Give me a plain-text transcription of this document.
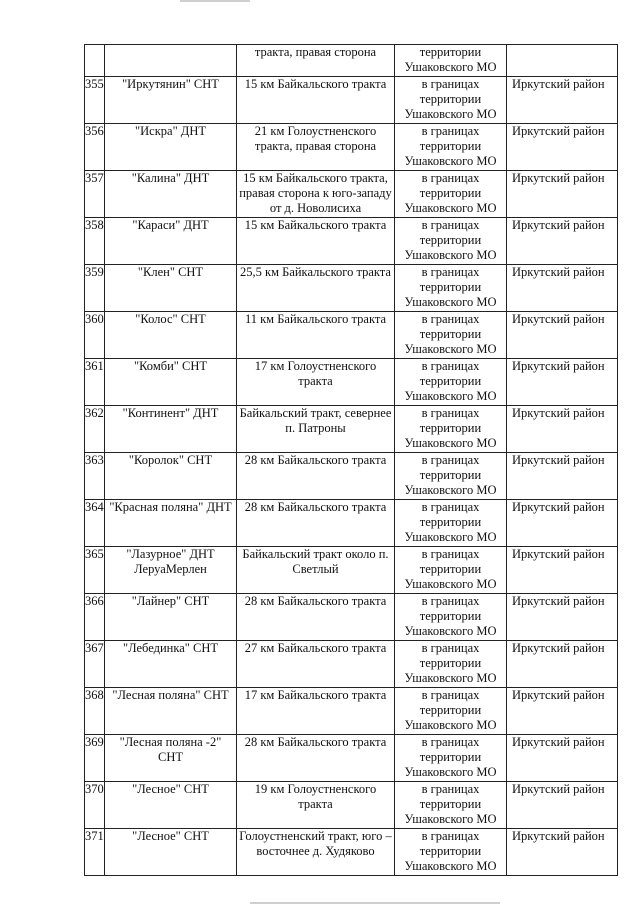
		тракта, правая сторона	территории Ушаковского МО	
355	"Иркутянин" СНТ	15 км Байкальского тракта	в границах территории Ушаковского МО	Иркутский район
356	"Искра" ДНТ	21 км Голоустненского тракта, правая сторона	в границах территории Ушаковского МО	Иркутский район
357	"Калина" ДНТ	15 км Байкальского тракта, правая сторона к юго-западу от д. Новолисиха	в границах территории Ушаковского МО	Иркутский район
358	"Караси" ДНТ	15 км Байкальского тракта	в границах территории Ушаковского МО	Иркутский район
359	"Клен" СНТ	25,5 км Байкальского тракта	в границах территории Ушаковского МО	Иркутский район
360	"Колос" СНТ	11 км Байкальского тракта	в границах территории Ушаковского МО	Иркутский район
361	"Комби" СНТ	17 км Голоустненского тракта	в границах территории Ушаковского МО	Иркутский район
362	"Континент" ДНТ	Байкальский тракт, севернее п. Патроны	в границах территории Ушаковского МО	Иркутский район
363	"Королок" СНТ	28 км Байкальского тракта	в границах территории Ушаковского МО	Иркутский район
364	"Красная поляна" ДНТ	28 км Байкальского тракта	в границах территории Ушаковского МО	Иркутский район
365	"Лазурное" ДНТ ЛеруаМерлен	Байкальский тракт около п. Светлый	в границах территории Ушаковского МО	Иркутский район
366	"Лайнер" СНТ	28 км Байкальского тракта	в границах территории Ушаковского МО	Иркутский район
367	"Лебединка" СНТ	27 км Байкальского тракта	в границах территории Ушаковского МО	Иркутский район
368	"Лесная поляна" СНТ	17 км Байкальского тракта	в границах территории Ушаковского МО	Иркутский район
369	"Лесная поляна -2" СНТ	28 км Байкальского тракта	в границах территории Ушаковского МО	Иркутский район
370	"Лесное" СНТ	19 км Голоустненского тракта	в границах территории Ушаковского МО	Иркутский район
371	"Лесное" СНТ	Голоустненский тракт, юго – восточнее д. Худяково	в границах территории Ушаковского МО	Иркутский район
